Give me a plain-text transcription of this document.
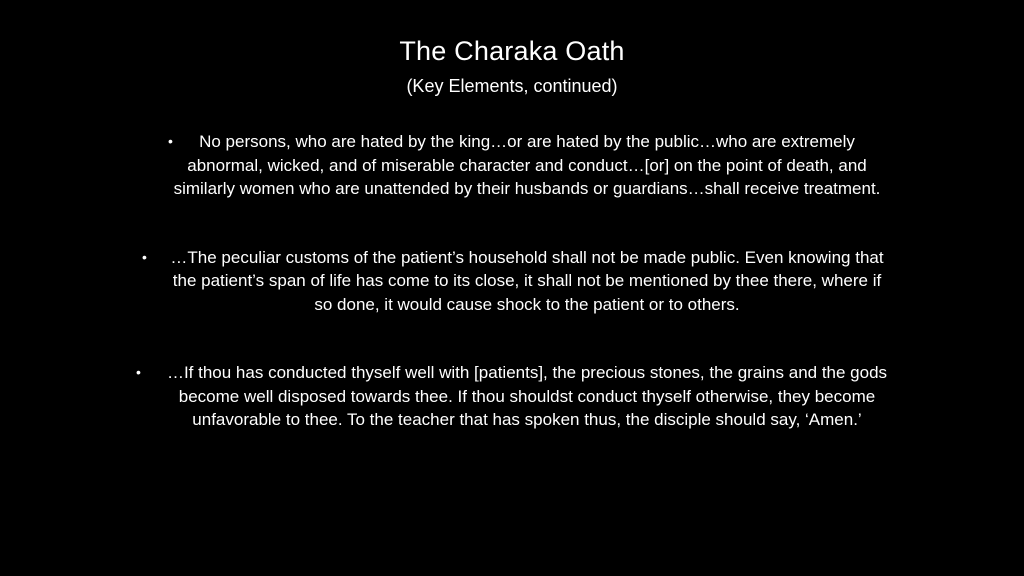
The Charaka Oath
(Key Elements, continued)
• No persons, who are hated by the king…or are hated by the public…who are extremely abnormal, wicked, and of miserable character and conduct…[or] on the point of death, and similarly women who are unattended by their husbands or guardians…shall receive treatment.
• …The peculiar customs of the patient’s household shall not be made public. Even knowing that the patient’s span of life has come to its close, it shall not be mentioned by thee there, where if so done, it would cause shock to the patient or to others.
• …If thou has conducted thyself well with [patients], the precious stones, the grains and the gods become well disposed towards thee. If thou shouldst conduct thyself otherwise, they become unfavorable to thee. To the teacher that has spoken thus, the disciple should say, ‘Amen.’
